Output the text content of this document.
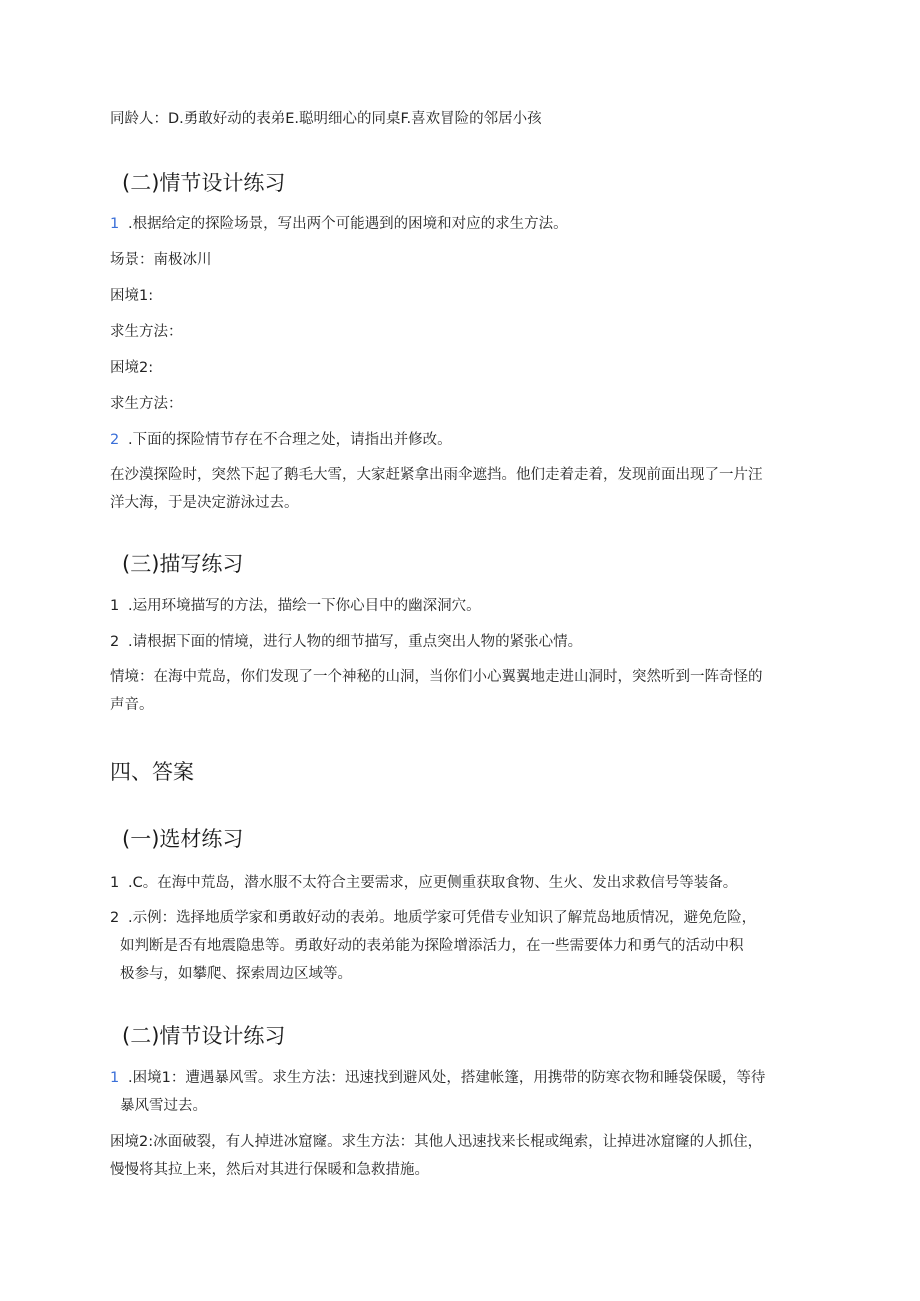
同龄人：D.勇敢好动的表弟E.聪明细心的同桌F.喜欢冒险的邻居小孩
(二)情节设计练习
1 .根据给定的探险场景，写出两个可能遇到的困境和对应的求生方法。
场景：南极冰川
困境1:
求生方法：
困境2:
求生方法：
2 .下面的探险情节存在不合理之处，请指出并修改。
在沙漠探险时，突然下起了鹅毛大雪，大家赶紧拿出雨伞遮挡。他们走着走着，发现前面出现了一片汪
洋大海，于是决定游泳过去。
(三)描写练习
1 .运用环境描写的方法，描绘一下你心目中的幽深洞穴。
2 .请根据下面的情境，进行人物的细节描写，重点突出人物的紧张心情。
情境：在海中荒岛，你们发现了一个神秘的山洞，当你们小心翼翼地走进山洞时，突然听到一阵奇怪的
声音。
四、答案
(一)选材练习
1 .C。在海中荒岛，潜水服不太符合主要需求，应更侧重获取食物、生火、发出求救信号等装备。
2 .示例：选择地质学家和勇敢好动的表弟。地质学家可凭借专业知识了解荒岛地质情况，避免危险，
如判断是否有地震隐患等。勇敢好动的表弟能为探险增添活力，在一些需要体力和勇气的活动中积
极参与，如攀爬、探索周边区域等。
(二)情节设计练习
1 .困境1：遭遇暴风雪。求生方法：迅速找到避风处，搭建帐篷，用携带的防寒衣物和睡袋保暖，等待
暴风雪过去。
困境2:冰面破裂，有人掉进冰窟窿。求生方法：其他人迅速找来长棍或绳索，让掉进冰窟窿的人抓住，
慢慢将其拉上来，然后对其进行保暖和急救措施。
